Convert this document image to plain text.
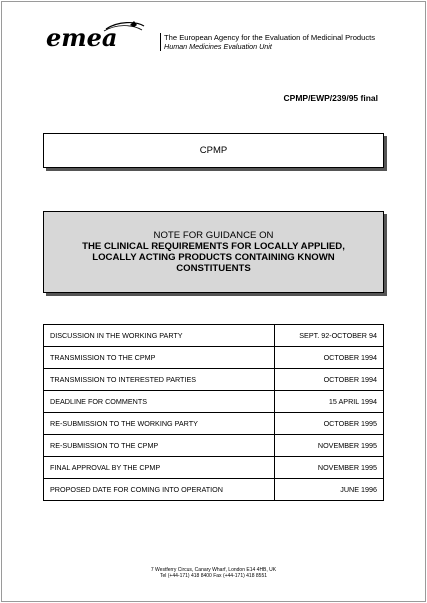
emea	The European Agency for the Evaluation of Medicinal Products
Human Medicines Evaluation Unit
CPMP/EWP/239/95 final
CPMP
NOTE FOR GUIDANCE ON
THE CLINICAL REQUIREMENTS FOR LOCALLY APPLIED,
LOCALLY ACTING PRODUCTS CONTAINING KNOWN
CONSTITUENTS
DISCUSSION IN THE WORKING PARTY	SEPT. 92-OCTOBER 94
TRANSMISSION TO THE CPMP	OCTOBER 1994
TRANSMISSION TO INTERESTED PARTIES	OCTOBER 1994
DEADLINE FOR COMMENTS	15 APRIL 1994
RE-SUBMISSION TO THE WORKING PARTY	OCTOBER 1995
RE-SUBMISSION TO THE CPMP	NOVEMBER 1995
FINAL APPROVAL BY THE CPMP	NOVEMBER 1995
PROPOSED DATE FOR COMING INTO OPERATION	JUNE 1996
7 Westferry Circus, Canary Wharf, London E14 4HB, UK
Tel (+44-171) 418 8400 Fax (+44-171) 418 8551
